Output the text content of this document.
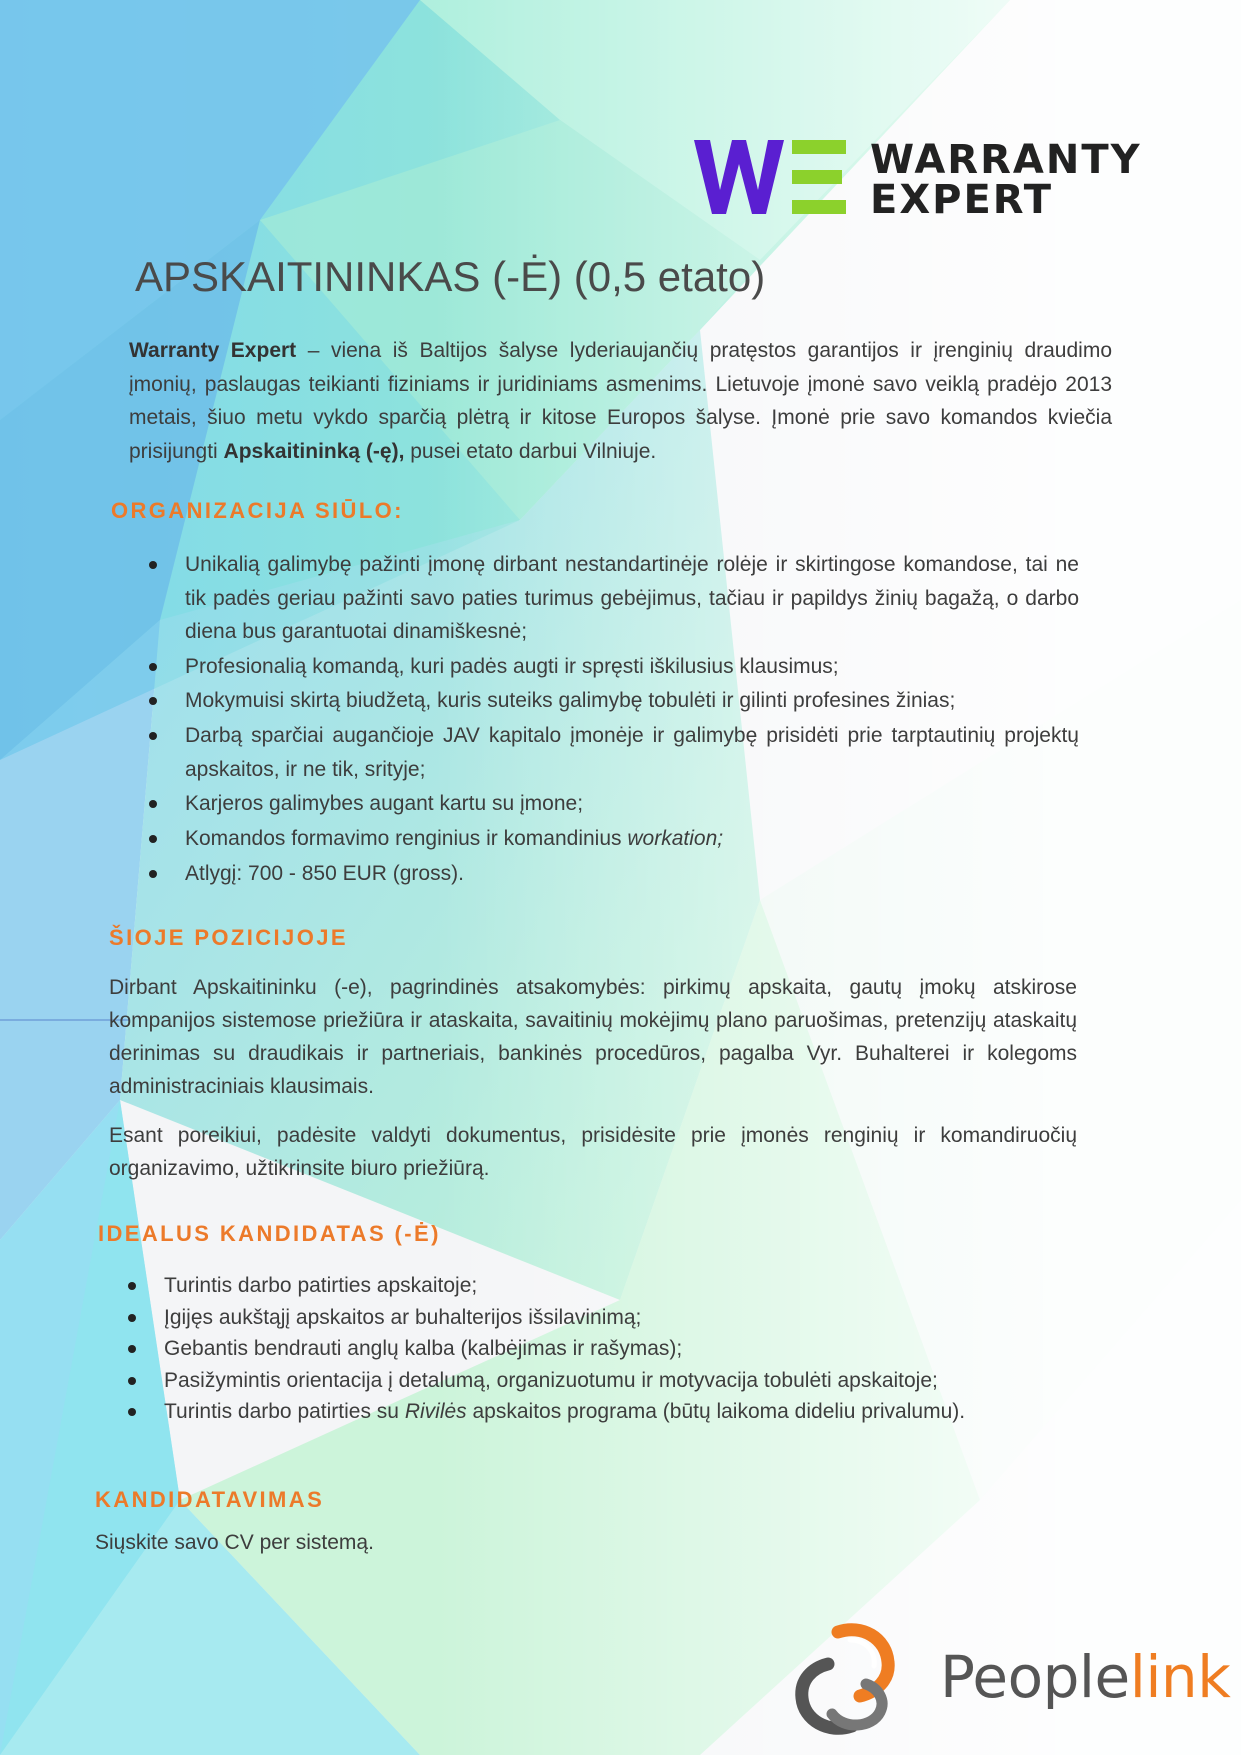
WARRANTY
EXPERT
APSKAITININKAS (-Ė) (0,5 etato)

Warranty Expert – viena iš Baltijos šalyse lyderiaujančių pratęstos garantijos ir įrenginių draudimo įmonių, paslaugas teikianti fiziniams ir juridiniams asmenims. Lietuvoje įmonė savo veiklą pradėjo 2013 metais, šiuo metu vykdo sparčią plėtrą ir kitose Europos šalyse. Įmonė prie savo komandos kviečia prisijungti Apskaitininką (-ę), pusei etato darbui Vilniuje.

ORGANIZACIJA SIŪLO:
Unikalią galimybę pažinti įmonę dirbant nestandartinėje rolėje ir skirtingose komandose, tai ne tik padės geriau pažinti savo paties turimus gebėjimus, tačiau ir papildys žinių bagažą, o darbo diena bus garantuotai dinamiškesnė;
Profesionalią komandą, kuri padės augti ir spręsti iškilusius klausimus;
Mokymuisi skirtą biudžetą, kuris suteiks galimybę tobulėti ir gilinti profesines žinias;
Darbą sparčiai augančioje JAV kapitalo įmonėje ir galimybę prisidėti prie tarptautinių projektų apskaitos, ir ne tik, srityje;
Karjeros galimybes augant kartu su įmone;
Komandos formavimo renginius ir komandinius workation;
Atlygį: 700 - 850 EUR (gross).
ŠIOJE POZICIJOJE

Dirbant Apskaitininku (-e), pagrindinės atsakomybės: pirkimų apskaita, gautų įmokų atskirose kompanijos sistemose priežiūra ir ataskaita, savaitinių mokėjimų plano paruošimas, pretenzijų ataskaitų derinimas su draudikais ir partneriais, bankinės procedūros, pagalba Vyr. Buhalterei ir kolegoms administraciniais klausimais.

Esant poreikiui, padėsite valdyti dokumentus, prisidėsite prie įmonės renginių ir komandiruočių organizavimo, užtikrinsite biuro priežiūrą.

IDEALUS KANDIDATAS (-Ė)
Turintis darbo patirties apskaitoje;
Įgijęs aukštąjį apskaitos ar buhalterijos išsilavinimą;
Gebantis bendrauti anglų kalba (kalbėjimas ir rašymas);
Pasižymintis orientacija į detalumą, organizuotumu ir motyvacija tobulėti apskaitoje;
Turintis darbo patirties su Rivilės apskaitos programa (būtų laikoma dideliu privalumu).
KANDIDATAVIMAS

Siųskite savo CV per sistemą.

Peoplelink
